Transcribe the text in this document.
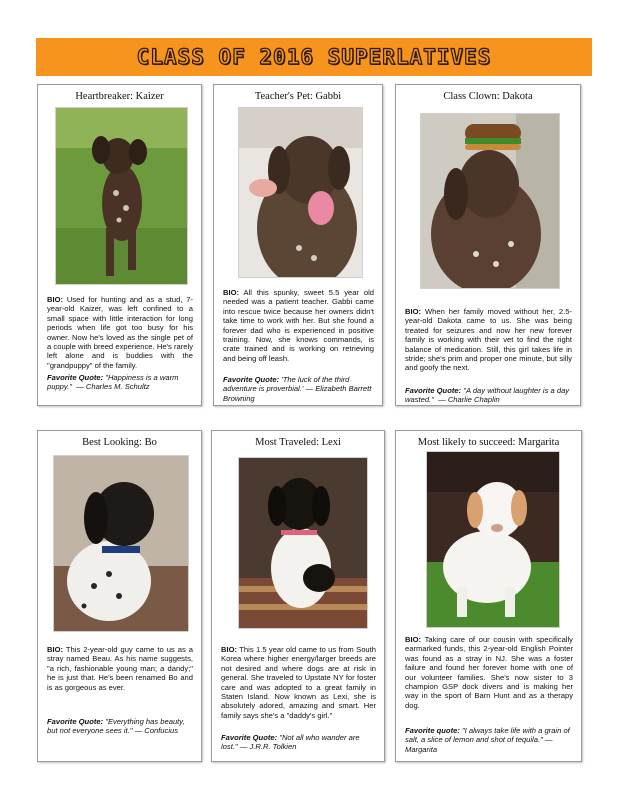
CLASS OF 2016 SUPERLATIVES
Heartbreaker: Kaizer
BIO: Used for hunting and as a stud, 7-year-old Kaizer, was left confined to a small space with little interaction for long periods when life got too busy for his owner. Now he's loved as the single pet of a couple with breed experience. He's rarely left alone and is buddies with the "grandpuppy" of the family.
Favorite Quote: "Happiness is a warm puppy." — Charles M. Schultz
Teacher's Pet: Gabbi
BIO: All this spunky, sweet 5.5 year old needed was a patient teacher. Gabbi came into rescue twice because her owners didn't take time to work with her. But she found a forever dad who is experienced in positive training. Now, she knows commands, is crate trained and is working on retrieving and being off leash.
Favorite Quote: 'The luck of the third adventure is proverbial.' — Elizabeth Barrett Browning
Class Clown: Dakota
BIO: When her family moved without her, 2.5-year-old Dakota came to us. She was being treated for seizures and now her new forever family is working with their vet to find the right balance of medication. Still, this girl takes life in stride; she's prim and proper one minute, but silly and goofy the next.
Favorite Quote: "A day without laughter is a day wasted." — Charlie Chaplin
Best Looking: Bo
BIO: This 2-year-old guy came to us as a stray named Beau. As his name suggests, "a rich, fashionable young man; a dandy;" he is just that. He's been renamed Bo and is as gorgeous as ever.
Favorite Quote: "Everything has beauty, but not everyone sees it." — Confucius
Most Traveled: Lexi
BIO: This 1.5 year old came to us from South Korea where higher energy/larger breeds are not desired and where dogs are at risk in general. She traveled to Upstate NY for foster care and was adopted to a great family in Staten Island. Now known as Lexi, she is absolutely adored, amazing and smart. Her family says she's a "daddy's girl."
Favorite Quote: "Not all who wander are lost." — J.R.R. Tolkien
Most likely to succeed: Margarita
BIO: Taking care of our cousin with specifically earmarked funds, this 2-year-old English Pointer was found as a stray in NJ. She was a foster failure and found her forever home with one of our volunteer families. She's now sister to 3 champion GSP dock divers and is making her way in the sport of Barn Hunt and as a therapy dog.
Favorite quote: "I always take life with a grain of salt, a slice of lemon and shot of tequila." — Margarita
